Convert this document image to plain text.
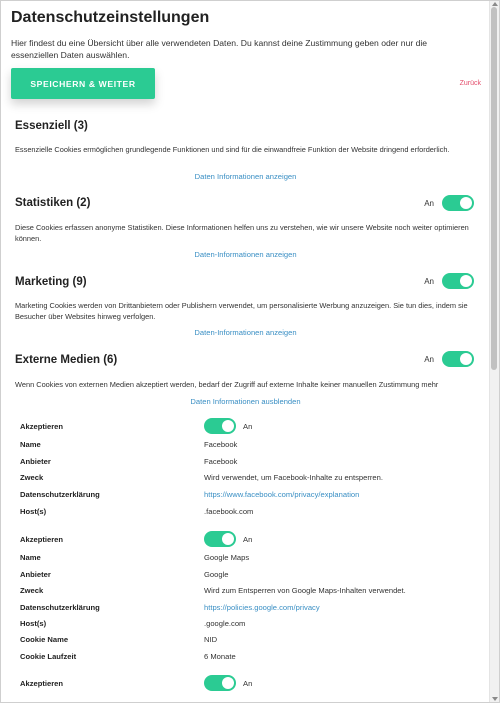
Datenschutzeinstellungen

Hier findest du eine Übersicht über alle verwendeten Daten. Du kannst deine Zustimmung geben oder nur die essenziellen Daten auswählen.

SPEICHERN & WEITER	Zurück
Essenziell (3)

Essenzielle Cookies ermöglichen grundlegende Funktionen und sind für die einwandfreie Funktion der Website dringend erforderlich.

Daten Informationen anzeigen
Statistiken (2)	An

Diese Cookies erfassen anonyme Statistiken. Diese Informationen helfen uns zu verstehen, wie wir unsere Website noch weiter optimieren können.

Daten-Informationen anzeigen
Marketing (9)	An

Marketing Cookies werden von Drittanbietern oder Publishern verwendet, um personalisierte Werbung anzuzeigen. Sie tun dies, indem sie Besucher über Websites hinweg verfolgen.

Daten-Informationen anzeigen
Externe Medien (6)	An

Wenn Cookies von externen Medien akzeptiert werden, bedarf der Zugriff auf externe Inhalte keiner manuellen Zustimmung mehr

Daten Informationen ausblenden
Akzeptieren	An
Name	Facebook
Anbieter	Facebook
Zweck	Wird verwendet, um Facebook-Inhalte zu entsperren.
Datenschutzerklärung	https://www.facebook.com/privacy/explanation
Host(s)	.facebook.com
Akzeptieren	An
Name	Google Maps
Anbieter	Google
Zweck	Wird zum Entsperren von Google Maps-Inhalten verwendet.
Datenschutzerklärung	https://policies.google.com/privacy
Host(s)	.google.com
Cookie Name	NID
Cookie Laufzeit	6 Monate
Akzeptieren	An
